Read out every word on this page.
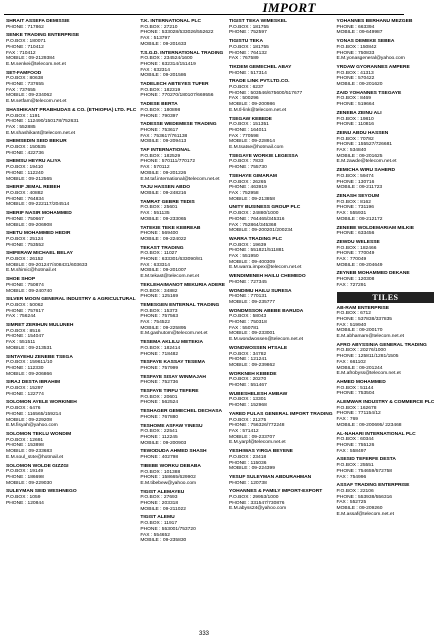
IMPORT
SHRAIT ASSEFA DEMISSIE
PHONE : 717862
SENKE TRADING ENTERPRISE
P.O.BOX : 180071
PHONE : 710412
FAX : 710412
MOBILE : 09-2129384
E.M.senkei@telecom.net.et
SET-FAMFOOD
P.O.BOX : 80638
PHONE : 737655
FAX : 737655
MOBILE : 09-234062
E.M.setfam@telecom.net.et
SHASHIKANT PRABHUDAS & CO. (ETHIOPIA) LTD. PLC
P.O.BOX : 1191
PHONE : 112490/150178/752631
FAX : 552885
E.M.shashikant@telecom.net.et
SHEMSEDIN SEID BEKUR
P.O.BOX : 150535
PHONE : 422736
SHEMSU HEYRU ALIYA
P.O.BOX : 19410
PHONE : 112240
MOBILE : 09-212565
SHERIF JEMAL REBEH
P.O.BOX : 40882
PHONE : 764834
MOBILE : 09-222117/204514
SHERIF NASIR MOHAMMED
PHONE : 750667
MOBILE : 09-206908
SHETU MOHAMMED HEDIR
P.O.BOX : 25124
PHONE : 753552
SHIFERAW MICHAEL BELAY
P.O.BOX : 26152
MOBILE : 09-201247/408431/603633
E.M.shimic@hotmail.et
SHOE SHOP
PHONE : 750874
MOBILE : 09-240740
SILVER MOON GENERAL INDUSTRY & AGRICULTURAL
P.O.BOX : 50062
PHONE : 757617
FAX : 756244
SIMRET ZERIHUN MULUNEH
P.O.BOX : 8516
PHONE : 154047
FAX : 551511
MOBILE : 09-213531
SINTAYEHU ZENEBE TSEGA
P.O.BOX : 159611/10
PHONE : 112330
MOBILE : 09-206866
SIRAJ DESTA IBRAHIM
P.O.BOX : 15297
PHONE : 122774
SOLOMON AYELE WORKINEH
P.O.BOX : 6476
PHONE : 116565/159214
MOBILE : 09-229208
E.M.fisyah@yahoo.com
SOLOMON TEKLU WONDIM
P.O.BOX : 12691
PHONE : 153898
MOBILE : 09-233683
E.M.soul_st4e@hotmail.et
SOLOMON WOLDE GIZZGI
P.O.BOX : 19149
PHONE : 186698
MOBILE : 09-229030
SULEYMAN SEID WESHNEGO
P.O.BOX : 1059
PHONE : 120844
T.K. INTERNATIONAL PLC
P.O.BOX : 27210
PHONE : 533028/533026/552622
FAX : 513797
MOBILE : 09-201633
T.S.G.D. INTERNATIONAL TRADING
P.O.BOX : 234524/1600
PHONE : 632314/151419
FAX : 632314
MOBILE : 09-201586
TADELECH ABTEYES TUFER
P.O.BOX : 182319
PHONE : 770270/180107/669556
TADESE BERTA
P.O.BOX : 180898
PHONE : 790397
TADESSE WEDEMESE TRADING
PHONE : 753617
FAX : 753617/761138
MOBILE : 09-209413
TAF INTERNATIONAL
P.O.BOX : 182529
PHONE : 570111/770172
FAX : 570112
MOBILE : 09-201226
E.M.taf.international@telecom.net.et
TAJU HASSEN ABDO
MOBILE : 09-248216
TAMRAT GEBRE TEDIS
P.O.BOX : 25601
FAX : 551135
MOBILE : 09-233065
TATEKIE TEKE KEBREAB
PHONE : 569400
MOBILE : 09-224022
TEKAST TRADING
P.O.BOX : 11027
PHONE : 633301/633090/81
FAX : 633314
MOBILE : 09-201007
E.M.tekast@telecom.net.et
TEKLEHAIMANOT MEKURIA ADERE
P.O.BOX : 34882
PHONE : 125169
TEMESGEN ENTERNAL TRADING
P.O.BOX : 15373
PHONE : 757563
FAX : 754522
MOBILE : 09-225895
E.M.gashutom@telecom.net.et
TESEMA AKLILU METEKIA
P.O.BOX : 182414
PHONE : 718482
TESFAYE KASSAY TESEMA
PHONE : 757999
TESFAYE SISAY WINMAJAH
PHONE : 752736
TESFAYE TIRFU TEFERE
P.O.BOX : 20601
PHONE : 562524
TESHAGER GEMECHEL DECHASA
PHONE : 767880
TESHOME ASFAW YINESU
P.O.BOX : 22541
PHONE : 112245
MOBILE : 09-200903
TEWODUDA AHMED SHASH
PHONE : 402798
TIBEBE WORKU DEBABA
P.O.BOX : 101388
PHONE : 158665/629902
E.M.tibebew@yahoo.com
TIGIST ALEMAYEU
P.O.BOX : 27693
PHONE : 203318
MOBILE : 09-211022
TIGIST ALEMU
P.O.BOX : 11917
PHONE : 553001/753720
FAX : 554652
MOBILE : 09-235830
TIGIST TEKA WIMESKEL
P.O.BOX : 181755
PHONE : 752597
TIGISTU TEKA
P.O.BOX : 181755
PHONE : 764132
FAX : 767589
TIKDEM GEMECHEL ABAY
PHONE : 517314
TRADE LINK PVT.LTD.CO.
P.O.BOX : 6237
PHONE : 503546/675600/517677
FAX : 500296
MOBILE : 09-200986
E.M.tl-link@telecom.net.et
TSEGAW KEBEDE
P.O.BOX : 151351
PHONE : 164011
FAX : 770598
MOBILE : 09-228914
E.M.tsatse@hotmail.com
TSEGAYE WORKIE LEGESSA
P.O.BOX : 7833
PHONE : 755730
TSEHAYE GIMARAM
P.O.BOX : 26265
PHONE : 463919
FAX : 752958
MOBILE : 09-213858
UNITY BUSINESS GROUP PLC
P.O.BOX : 24880/1000
PHONE : 764465/345316
FAX : 752864/345368
MOBILE : 09-200201/200234
WARRA TRADING PLC
P.O.BOX : 19639
PHONE : 551821/511881
FAX : 551950
MOBILE : 09-400309
E.M.warra.impex@telecom.net.et
WENDIMENEH HAILU CHEMEDO
PHONE : 727345
WONDIMU HAILU SURESA
PHONE : 770131
MOBILE : 09-235777
WONDMSSON ABEBE BARUDA
P.O.BOX : 58043
PHONE : 750318
FAX : 550781
MOBILE : 09-233001
E.M.wondwossen@telecom.net.et
WONDWOSSEN HTSALE
P.O.BOX : 34782
PHONE : 121241
MOBILE : 09-239862
WORKNEH KEBEDE
P.O.BOX : 20270
PHONE : 551467
WUBESHELESH AMBAW
P.O.BOX : 13301
PHONE : 152968
YARED FULAS GENERAL IMPORT TRADING
P.O.BOX : 21275
PHONE : 756326/772248
FAX : 571412
MOBILE : 09-233707
E.M.yarpf@telecom.net.et
YESHIWAS YIRGA BEYENE
P.O.BOX : 23418
PHONE : 115036
MOBILE : 09-224399
YESUF SULEYMAN ABDURAHMAN
PHONE : 120738
YOHANNES & FAMILY IMPORT-EXPORT
P.O.BOX : 29953/1000
PHONE : 331547/730876
E.M.abyss24@yahoo.com
YOHANNES BERHANU MEZGEB
PHONE : 663394
MOBILE : 09-649987
YONAS DEMEKE SEBEA
P.O.BOX : 150842
PHONE : 750833
E.M.yonasgeneral@yahoo.com
YRDAW GYORANNES AMPERE
P.O.BOX : 41313
PHONE : 570422
MOBILE : 09-201620
ZAID YOHANNES TSEGAYE
P.O.BOX : 8469
PHONE : 519664
ZENEBA ZEINU ALI
P.O.BOX : 19810
PHONE : 110816
ZEINU ABDU HASSEN
P.O.BOX : 70782
PHONE : 155527/726681
FAX : 534840
MOBILE : 09-201625
E.M.zawde@telecom.net.et
ZEMICHA WIRU SAHERD
P.O.BOX : 59474
PHONE : 130716
MOBILE : 09-211723
ZENASH SEYOUM
P.O.BOX : 8162
PHONE : 731196
FAX : 555931
MOBILE : 09-212172
ZENEBE WOLDEMARIAM MILKIE
PHONE : 633456
ZEWDU WELESSE
P.O.BOX : 182466
PHONE : 770049
FAX : 770049
MOBILE : 09-204649
ZEYNEB MOHAMMED DEKANE
PHONE : 120308
FAX : 727291
TILES
AB-RAM ENTERPRISE
P.O.BOX : 6712
PHONE : 537838/337835
FAX : 519940
MOBILE : 09-200170
E.M.abhamam@telecom.net.et
AFRO ABYSSINIA GENERAL TRADING
P.O.BOX : 20276/1000
PHONE : 125811/1281/1505
FAX : 661102
MOBILE : 09-201244
E.M.afrobyss@telecom.net.et
AHMED MOHAMMED
P.O.BOX : 51144
PHONE : 753504
ALEMWAR INDUSTRY & COMMERCE PLC
P.O.BOX : 162678
PHONE : 771154/12
FAX : 769
MOBILE : 09-200695/ 223468
AL-NAHARI INTERNATIONAL PLC
P.O.BOX : 60344
PHONE : 755126
FAX : 558497
ASESID TEFERFE DESTA
P.O.BOX : 25551
PHONE : 754659/572758
FAX : 754996
ASSAF TRADING ENTERPRISE
P.O.BOX : 22106
PHONE : 553938/556316
FAX : 552725
MOBILE : 09-209260
E.M.assaf@telecom.net.et
333
